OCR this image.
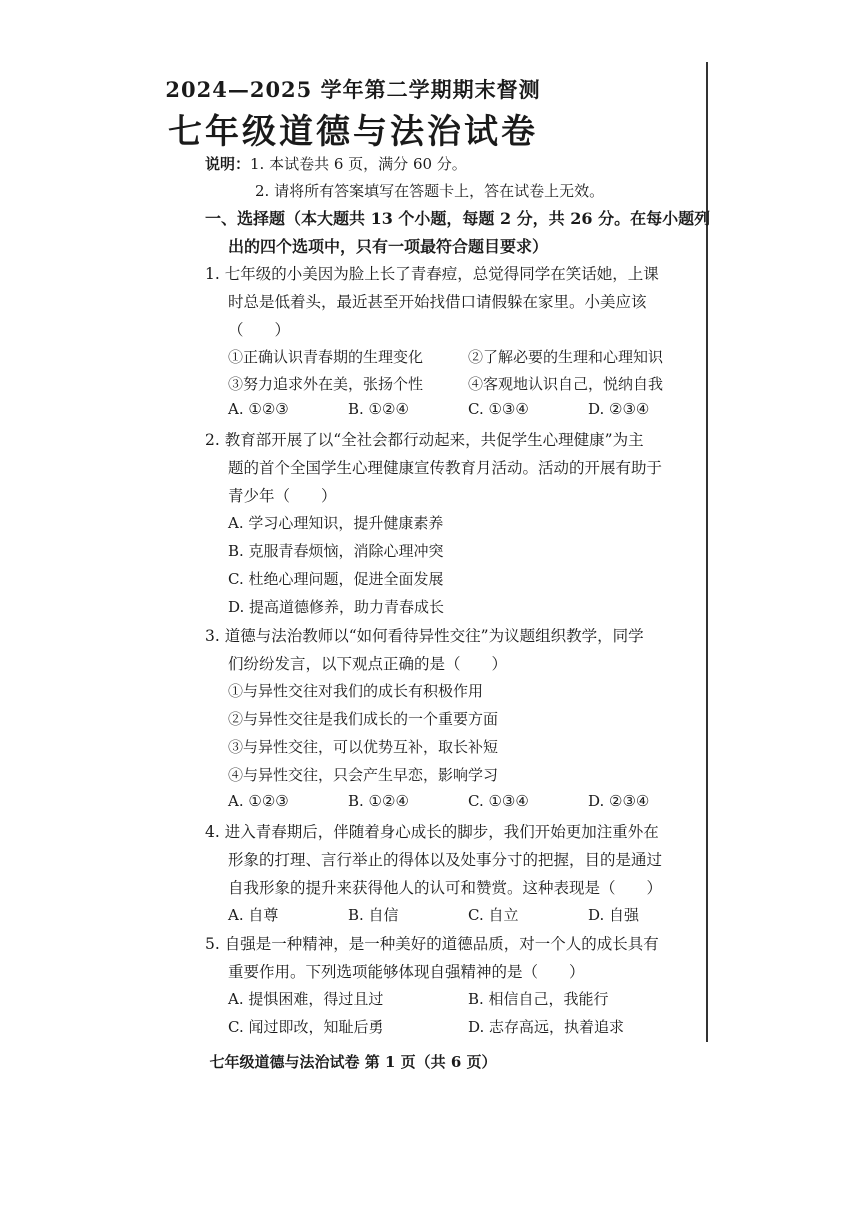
2024—2025 学年第二学期期末督测
七年级道德与法治试卷
说明：1. 本试卷共 6 页，满分 60 分。
2. 请将所有答案填写在答题卡上，答在试卷上无效。
一、选择题（本大题共 13 个小题，每题 2 分，共 26 分。在每小题列
出的四个选项中，只有一项最符合题目要求）
1. 七年级的小美因为脸上长了青春痘，总觉得同学在笑话她，上课
时总是低着头，最近甚至开始找借口请假躲在家里。小美应该
（　　）
①正确认识青春期的生理变化	②了解必要的生理和心理知识
③努力追求外在美，张扬个性	④客观地认识自己，悦纳自我
A. ①②③	B. ①②④	C. ①③④	D. ②③④
2. 教育部开展了以“全社会都行动起来，共促学生心理健康”为主
题的首个全国学生心理健康宣传教育月活动。活动的开展有助于
青少年（　　）
A. 学习心理知识，提升健康素养
B. 克服青春烦恼，消除心理冲突
C. 杜绝心理问题，促进全面发展
D. 提高道德修养，助力青春成长
3. 道德与法治教师以“如何看待异性交往”为议题组织教学，同学
们纷纷发言，以下观点正确的是（　　）
①与异性交往对我们的成长有积极作用
②与异性交往是我们成长的一个重要方面
③与异性交往，可以优势互补，取长补短
④与异性交往，只会产生早恋，影响学习
A. ①②③	B. ①②④	C. ①③④	D. ②③④
4. 进入青春期后，伴随着身心成长的脚步，我们开始更加注重外在
形象的打理、言行举止的得体以及处事分寸的把握，目的是通过
自我形象的提升来获得他人的认可和赞赏。这种表现是（　　）
A. 自尊	B. 自信	C. 自立	D. 自强
5. 自强是一种精神，是一种美好的道德品质，对一个人的成长具有
重要作用。下列选项能够体现自强精神的是（　　）
A. 提惧困难，得过且过	B. 相信自己，我能行
C. 闻过即改，知耻后勇	D. 志存高远，执着追求
七年级道德与法治试卷 第 1 页（共 6 页）
